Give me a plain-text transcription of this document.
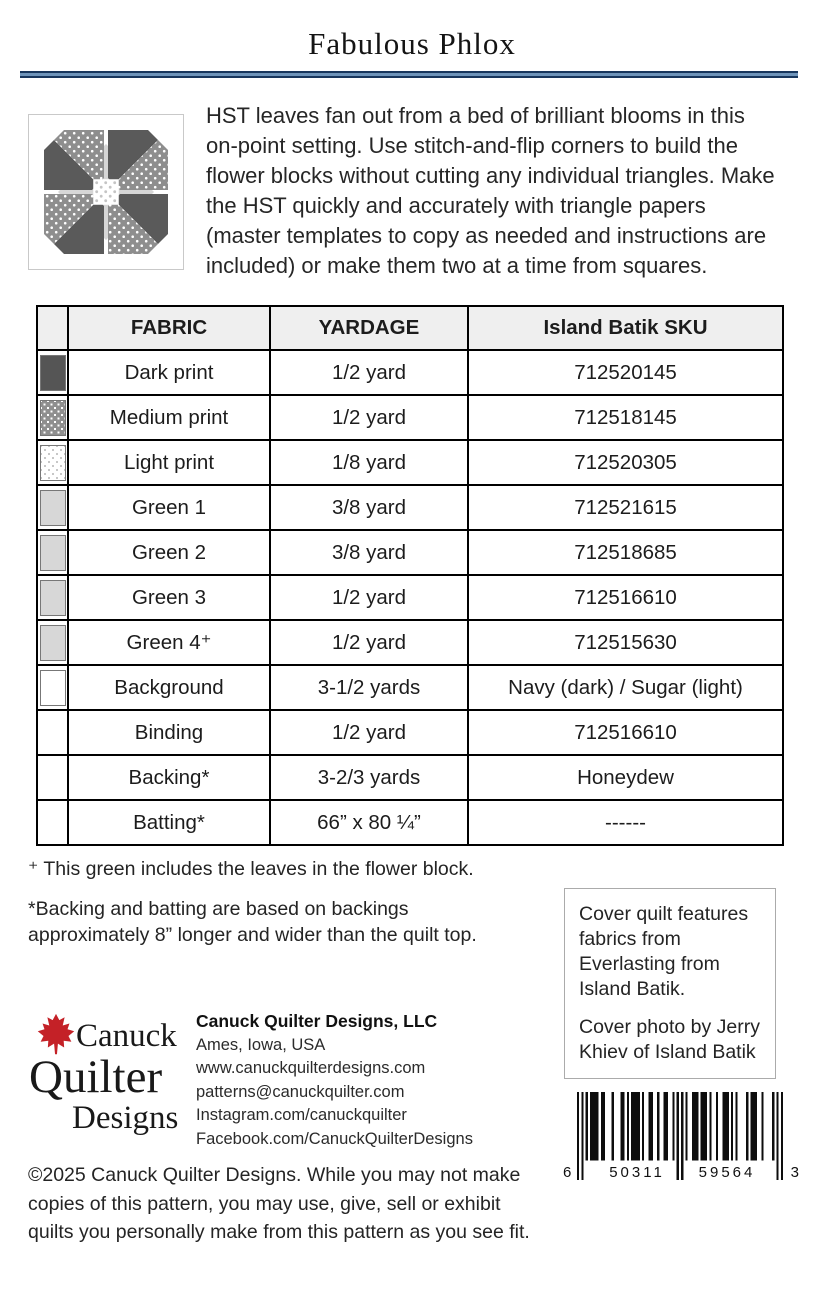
Fabulous Phlox
HST leaves fan out from a bed of brilliant blooms in this on-point setting. Use stitch-and-flip corners to build the flower blocks without cutting any individual triangles. Make the HST quickly and accurately with triangle papers (master templates to copy as needed and instructions are included) or make them two at a time from squares.
	FABRIC	YARDAGE	Island Batik SKU

	Dark print	1/2 yard	712520145

	Medium print	1/2 yard	712518145

	Light print	1/8 yard	712520305

	Green 1	3/8 yard	712521615

	Green 2	3/8 yard	712518685

	Green 3	1/2 yard	712516610

	Green 4⁺	1/2 yard	712515630

	Background	3-1/2 yards	Navy (dark) / Sugar (light)
	Binding	1/2 yard	712516610
	Backing*	3-2/3 yards	Honeydew
	Batting*	66” x 80 ¼”	------
⁺ This green includes the leaves in the flower block.
*Backing and batting are based on backings approximately 8” longer and wider than the quilt top.
Canuck
Quilter
Designs
Canuck Quilter Designs, LLC
Ames, Iowa, USA
www.canuckquilterdesigns.com
patterns@canuckquilter.com
Instagram.com/canuckquilter
Facebook.com/CanuckQuilterDesigns
©2025 Canuck Quilter Designs. While you may not make copies of this pattern, you may use, give, sell or exhibit quilts you personally make from this pattern as you see fit.
Cover quilt features fabrics from Everlasting from Island Batik.
Cover photo by Jerry Khiev of Island Batik
6	50311	59564	3
